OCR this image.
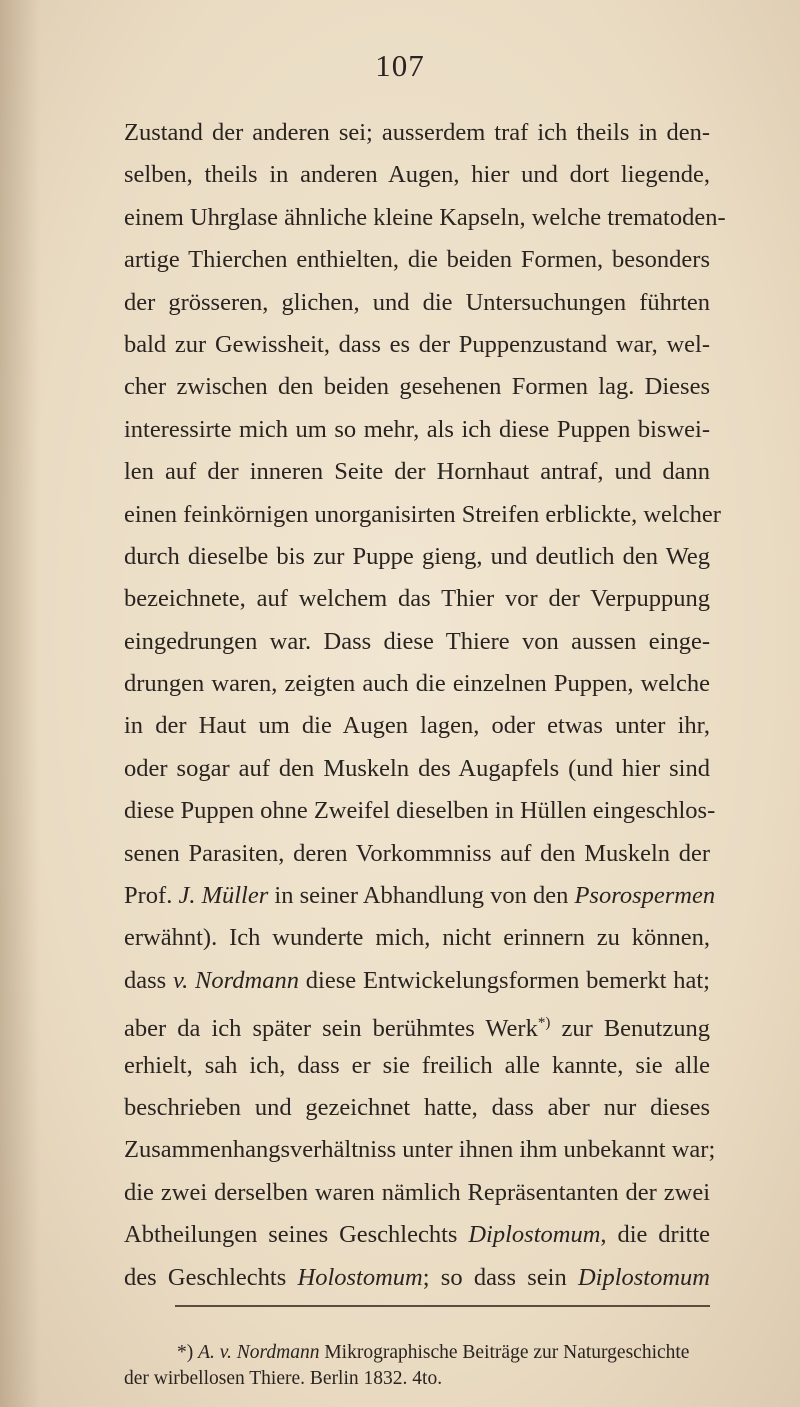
107
Zustand der anderen sei; ausserdem traf ich theils in den-
selben, theils in anderen Augen, hier und dort liegende,
einem Uhrglase ähnliche kleine Kapseln, welche trematoden-
artige Thierchen enthielten, die beiden Formen, besonders
der grösseren, glichen, und die Untersuchungen führten
bald zur Gewissheit, dass es der Puppenzustand war, wel-
cher zwischen den beiden gesehenen Formen lag. Dieses
interessirte mich um so mehr, als ich diese Puppen biswei-
len auf der inneren Seite der Hornhaut antraf, und dann
einen feinkörnigen unorganisirten Streifen erblickte, welcher
durch dieselbe bis zur Puppe gieng, und deutlich den Weg
bezeichnete, auf welchem das Thier vor der Verpuppung
eingedrungen war. Dass diese Thiere von aussen einge-
drungen waren, zeigten auch die einzelnen Puppen, welche
in der Haut um die Augen lagen, oder etwas unter ihr,
oder sogar auf den Muskeln des Augapfels (und hier sind
diese Puppen ohne Zweifel dieselben in Hüllen eingeschlos-
senen Parasiten, deren Vorkommniss auf den Muskeln der
Prof. J. Müller in seiner Abhandlung von den Psorospermen
erwähnt). Ich wunderte mich, nicht erinnern zu können,
dass v. Nordmann diese Entwickelungsformen bemerkt hat;
aber da ich später sein berühmtes Werk*) zur Benutzung
erhielt, sah ich, dass er sie freilich alle kannte, sie alle
beschrieben und gezeichnet hatte, dass aber nur dieses
Zusammenhangsverhältniss unter ihnen ihm unbekannt war;
die zwei derselben waren nämlich Repräsentanten der zwei
Abtheilungen seines Geschlechts Diplostomum, die dritte
des Geschlechts Holostomum; so dass sein Diplostomum
*) A. v. Nordmann Mikrographische Beiträge zur Naturgeschichte
der wirbellosen Thiere. Berlin 1832. 4to.
